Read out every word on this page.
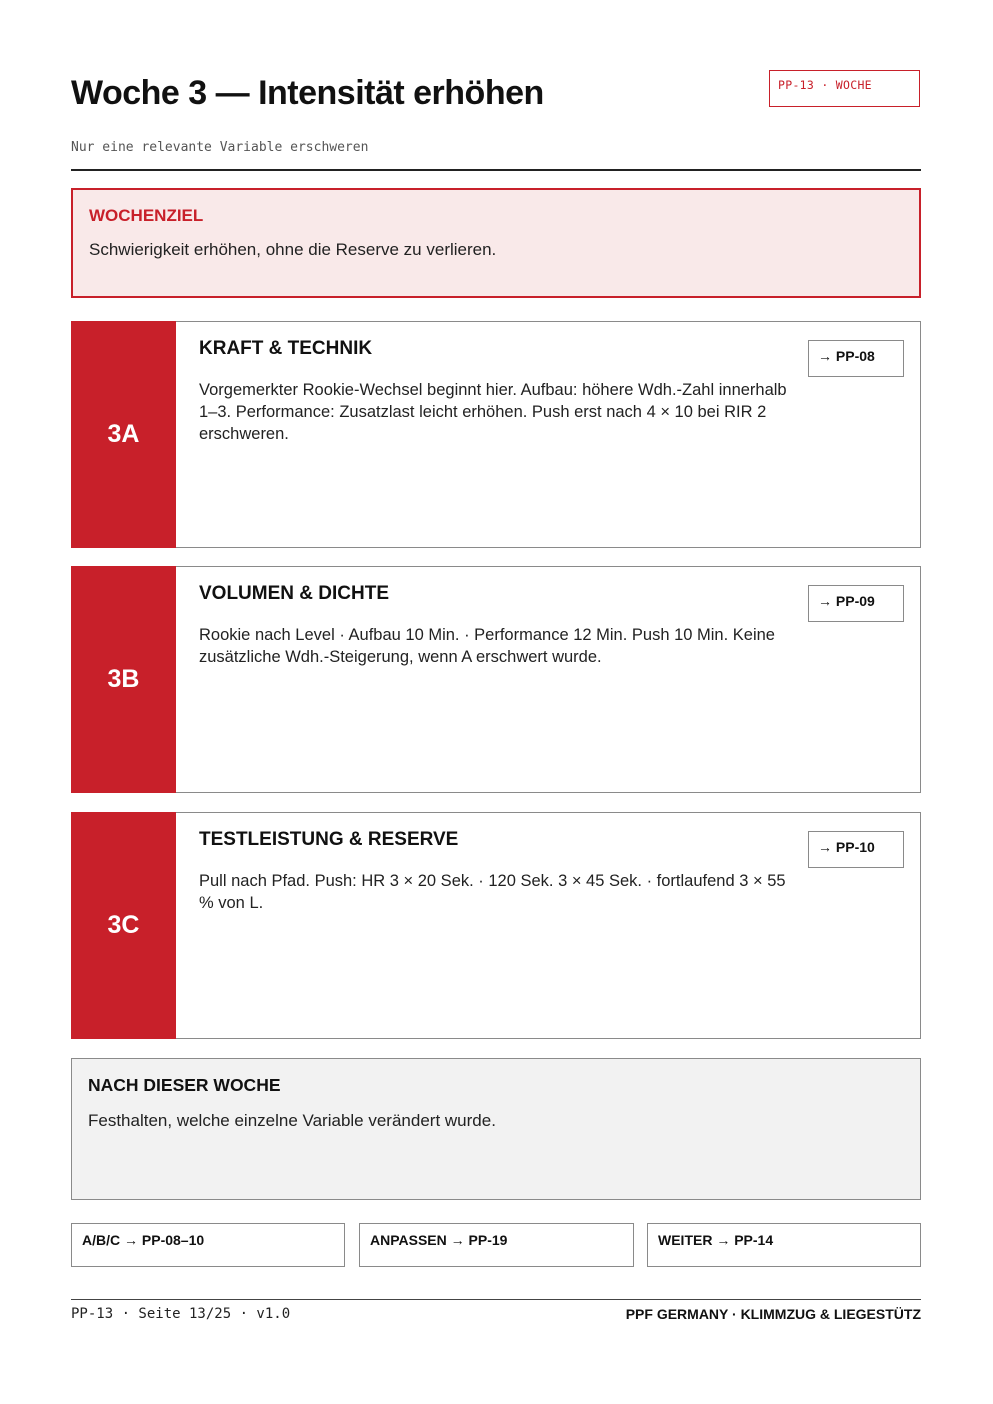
Woche 3 — Intensität erhöhen	PP-13 · WOCHE
Nur eine relevante Variable erschweren
WOCHENZIEL
Schwierigkeit erhöhen, ohne die Reserve zu verlieren.
3A
KRAFT & TECHNIK
Vorgemerkter Rookie-Wechsel beginnt hier. Aufbau: höhere Wdh.-Zahl innerhalb 1–3. Performance: Zusatzlast leicht erhöhen. Push erst nach 4 × 10 bei RIR 2 erschweren.
→ PP-08
3B
VOLUMEN & DICHTE
Rookie nach Level · Aufbau 10 Min. · Performance 12 Min. Push 10 Min. Keine zusätzliche Wdh.-Steigerung, wenn A erschwert wurde.
→ PP-09
3C
TESTLEISTUNG & RESERVE
Pull nach Pfad. Push: HR 3 × 20 Sek. · 120 Sek. 3 × 45 Sek. · fortlaufend 3 × 55 % von L.
→ PP-10
NACH DIESER WOCHE
Festhalten, welche einzelne Variable verändert wurde.
A/B/C → PP-08–10	ANPASSEN → PP-19	WEITER → PP-14
PP-13 · Seite 13/25 · v1.0	PPF GERMANY · KLIMMZUG & LIEGESTÜTZ
